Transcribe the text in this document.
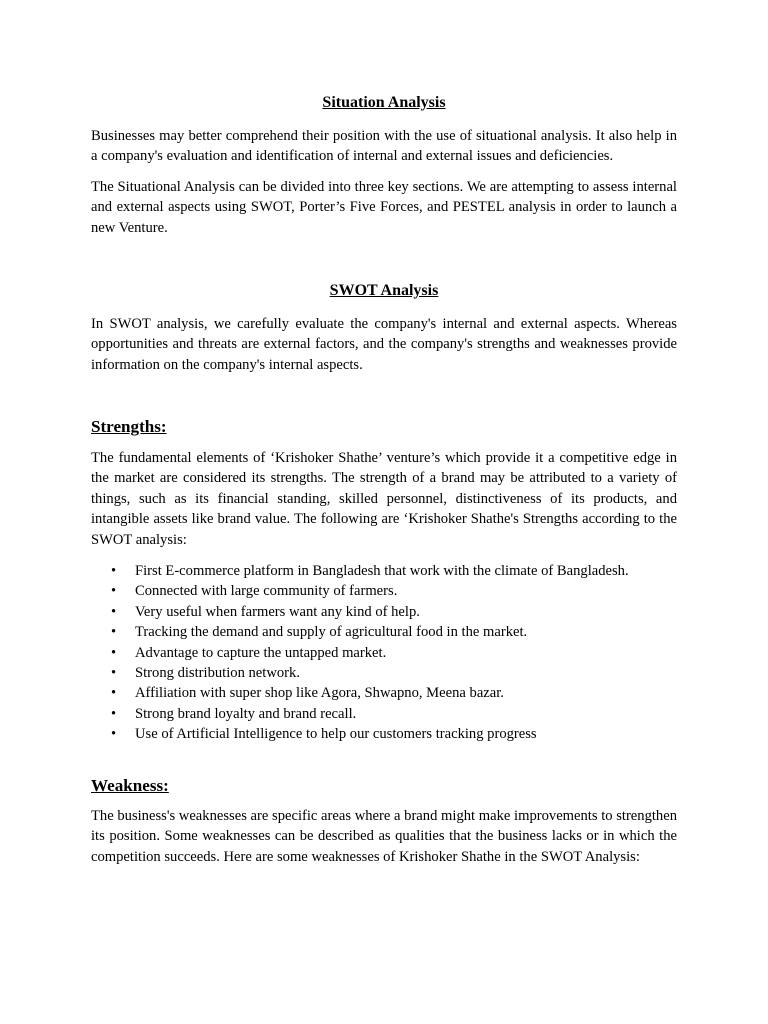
Situation Analysis

Businesses may better comprehend their position with the use of situational analysis. It also help in a company's evaluation and identification of internal and external issues and deficiencies.

The Situational Analysis can be divided into three key sections. We are attempting to assess internal and external aspects using SWOT, Porter’s Five Forces, and PESTEL analysis in order to launch a new Venture.

SWOT Analysis

In SWOT analysis, we carefully evaluate the company's internal and external aspects. Whereas opportunities and threats are external factors, and the company's strengths and weaknesses provide information on the company's internal aspects.

Strengths:

The fundamental elements of ‘Krishoker Shathe’ venture’s which provide it a competitive edge in the market are considered its strengths. The strength of a brand may be attributed to a variety of things, such as its financial standing, skilled personnel, distinctiveness of its products, and intangible assets like brand value. The following are ‘Krishoker Shathe's Strengths according to the SWOT analysis:

• First E-commerce platform in Bangladesh that work with the climate of Bangladesh.
• Connected with large community of farmers.
• Very useful when farmers want any kind of help.
• Tracking the demand and supply of agricultural food in the market.
• Advantage to capture the untapped market.
• Strong distribution network.
• Affiliation with super shop like Agora, Shwapno, Meena bazar.
• Strong brand loyalty and brand recall.
• Use of Artificial Intelligence to help our customers tracking progress
Weakness:

The business's weaknesses are specific areas where a brand might make improvements to strengthen its position. Some weaknesses can be described as qualities that the business lacks or in which the competition succeeds. Here are some weaknesses of Krishoker Shathe in the SWOT Analysis:
